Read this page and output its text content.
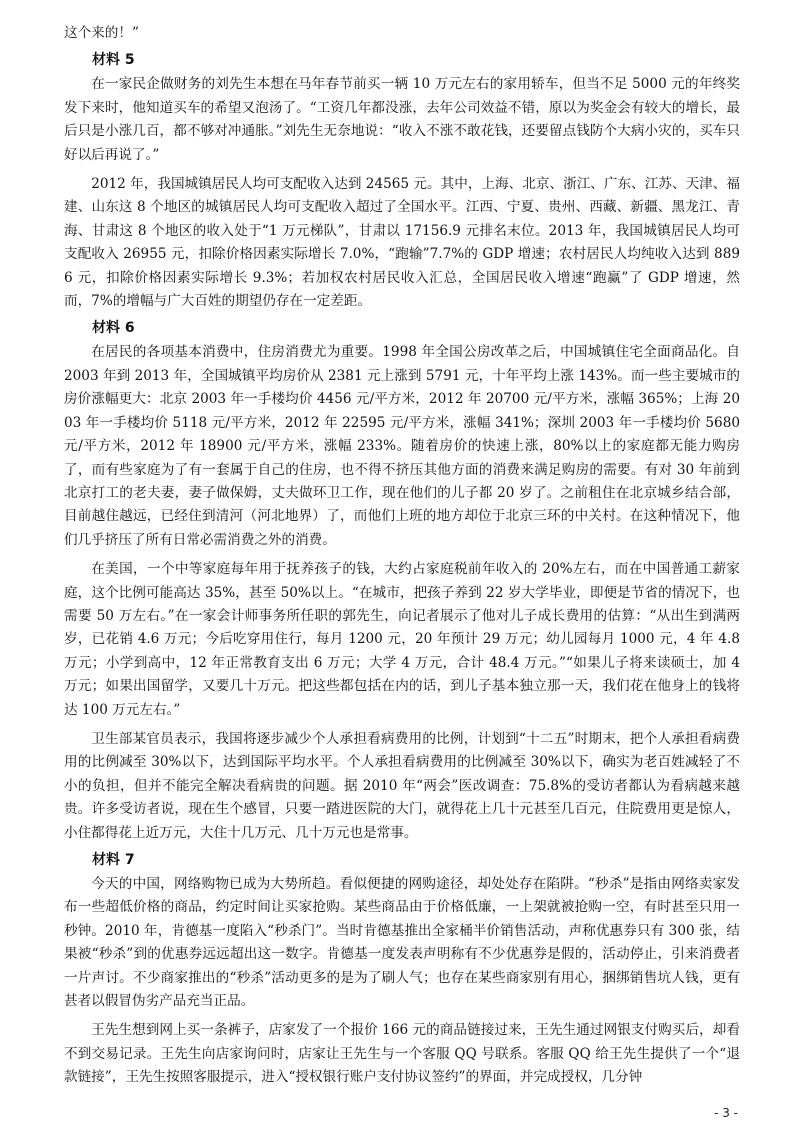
这个来的！”

材料 5

在一家民企做财务的刘先生本想在马年春节前买一辆 10 万元左右的家用轿车，但当不足 5000 元的年终奖发下来时，他知道买车的希望又泡汤了。“工资几年都没涨，去年公司效益不错，原以为奖金会有较大的增长，最后只是小涨几百，都不够对冲通胀。”刘先生无奈地说：“收入不涨不敢花钱，还要留点钱防个大病小灾的，买车只好以后再说了。”

2012 年，我国城镇居民人均可支配收入达到 24565 元。其中，上海、北京、浙江、广东、江苏、天津、福建、山东这 8 个地区的城镇居民人均可支配收入超过了全国水平。江西、宁夏、贵州、西藏、新疆、黑龙江、青海、甘肃这 8 个地区的收入处于“1 万元梯队”，甘肃以 17156.9 元排名末位。2013 年，我国城镇居民人均可支配收入 26955 元，扣除价格因素实际增长 7.0%，“跑输”7.7%的 GDP 增速；农村居民人均纯收入达到 8896 元，扣除价格因素实际增长 9.3%；若加权农村居民收入汇总，全国居民收入增速“跑赢”了 GDP 增速，然而，7%的增幅与广大百姓的期望仍存在一定差距。

材料 6

在居民的各项基本消费中，住房消费尤为重要。1998 年全国公房改革之后，中国城镇住宅全面商品化。自 2003 年到 2013 年，全国城镇平均房价从 2381 元上涨到 5791 元，十年平均上涨 143%。而一些主要城市的房价涨幅更大：北京 2003 年一手楼均价 4456 元/平方米，2012 年 20700 元/平方米，涨幅 365%；上海 2003 年一手楼均价 5118 元/平方米，2012 年 22595 元/平方米，涨幅 341%；深圳 2003 年一手楼均价 5680 元/平方米，2012 年 18900 元/平方米，涨幅 233%。随着房价的快速上涨，80%以上的家庭都无能力购房了，而有些家庭为了有一套属于自己的住房，也不得不挤压其他方面的消费来满足购房的需要。有对 30 年前到北京打工的老夫妻，妻子做保姆，丈夫做环卫工作，现在他们的儿子都 20 岁了。之前租住在北京城乡结合部，目前越住越远，已经住到清河（河北地界）了，而他们上班的地方却位于北京三环的中关村。在这种情况下，他们几乎挤压了所有日常必需消费之外的消费。

在美国，一个中等家庭每年用于抚养孩子的钱，大约占家庭税前年收入的 20%左右，而在中国普通工薪家庭，这个比例可能高达 35%，甚至 50%以上。“在城市，把孩子养到 22 岁大学毕业，即便是节省的情况下，也需要 50 万左右。”在一家会计师事务所任职的郭先生，向记者展示了他对儿子成长费用的估算：“从出生到满两岁，已花销 4.6 万元；今后吃穿用住行，每月 1200 元，20 年预计 29 万元；幼儿园每月 1000 元，4 年 4.8 万元；小学到高中，12 年正常教育支出 6 万元；大学 4 万元，合计 48.4 万元。”“如果儿子将来读硕士，加 4 万元；如果出国留学，又要几十万元。把这些都包括在内的话，到儿子基本独立那一天，我们花在他身上的钱将达 100 万元左右。”

卫生部某官员表示，我国将逐步减少个人承担看病费用的比例，计划到“十二五”时期末，把个人承担看病费用的比例减至 30%以下，达到国际平均水平。个人承担看病费用的比例减至 30%以下，确实为老百姓减轻了不小的负担，但并不能完全解决看病贵的问题。据 2010 年“两会”医改调查：75.8%的受访者都认为看病越来越贵。许多受访者说，现在生个感冒，只要一踏进医院的大门，就得花上几十元甚至几百元，住院费用更是惊人，小住都得花上近万元，大住十几万元、几十万元也是常事。

材料 7

今天的中国，网络购物已成为大势所趋。看似便捷的网购途径，却处处存在陷阱。“秒杀”是指由网络卖家发布一些超低价格的商品，约定时间让买家抢购。某些商品由于价格低廉，一上架就被抢购一空，有时甚至只用一秒钟。2010 年，肯德基一度陷入“秒杀门”。当时肯德基推出全家桶半价销售活动，声称优惠券只有 300 张，结果被“秒杀”到的优惠券远远超出这一数字。肯德基一度发表声明称有不少优惠券是假的，活动停止，引来消费者一片声讨。不少商家推出的“秒杀”活动更多的是为了刷人气；也存在某些商家别有用心，捆绑销售坑人钱，更有甚者以假冒伪劣产品充当正品。

王先生想到网上买一条裤子，店家发了一个报价 166 元的商品链接过来，王先生通过网银支付购买后，却看不到交易记录。王先生向店家询问时，店家让王先生与一个客服 QQ 号联系。客服 QQ 给王先生提供了一个“退款链接”，王先生按照客服提示，进入“授权银行账户支付协议签约”的界面，并完成授权，几分钟

- 3 -
